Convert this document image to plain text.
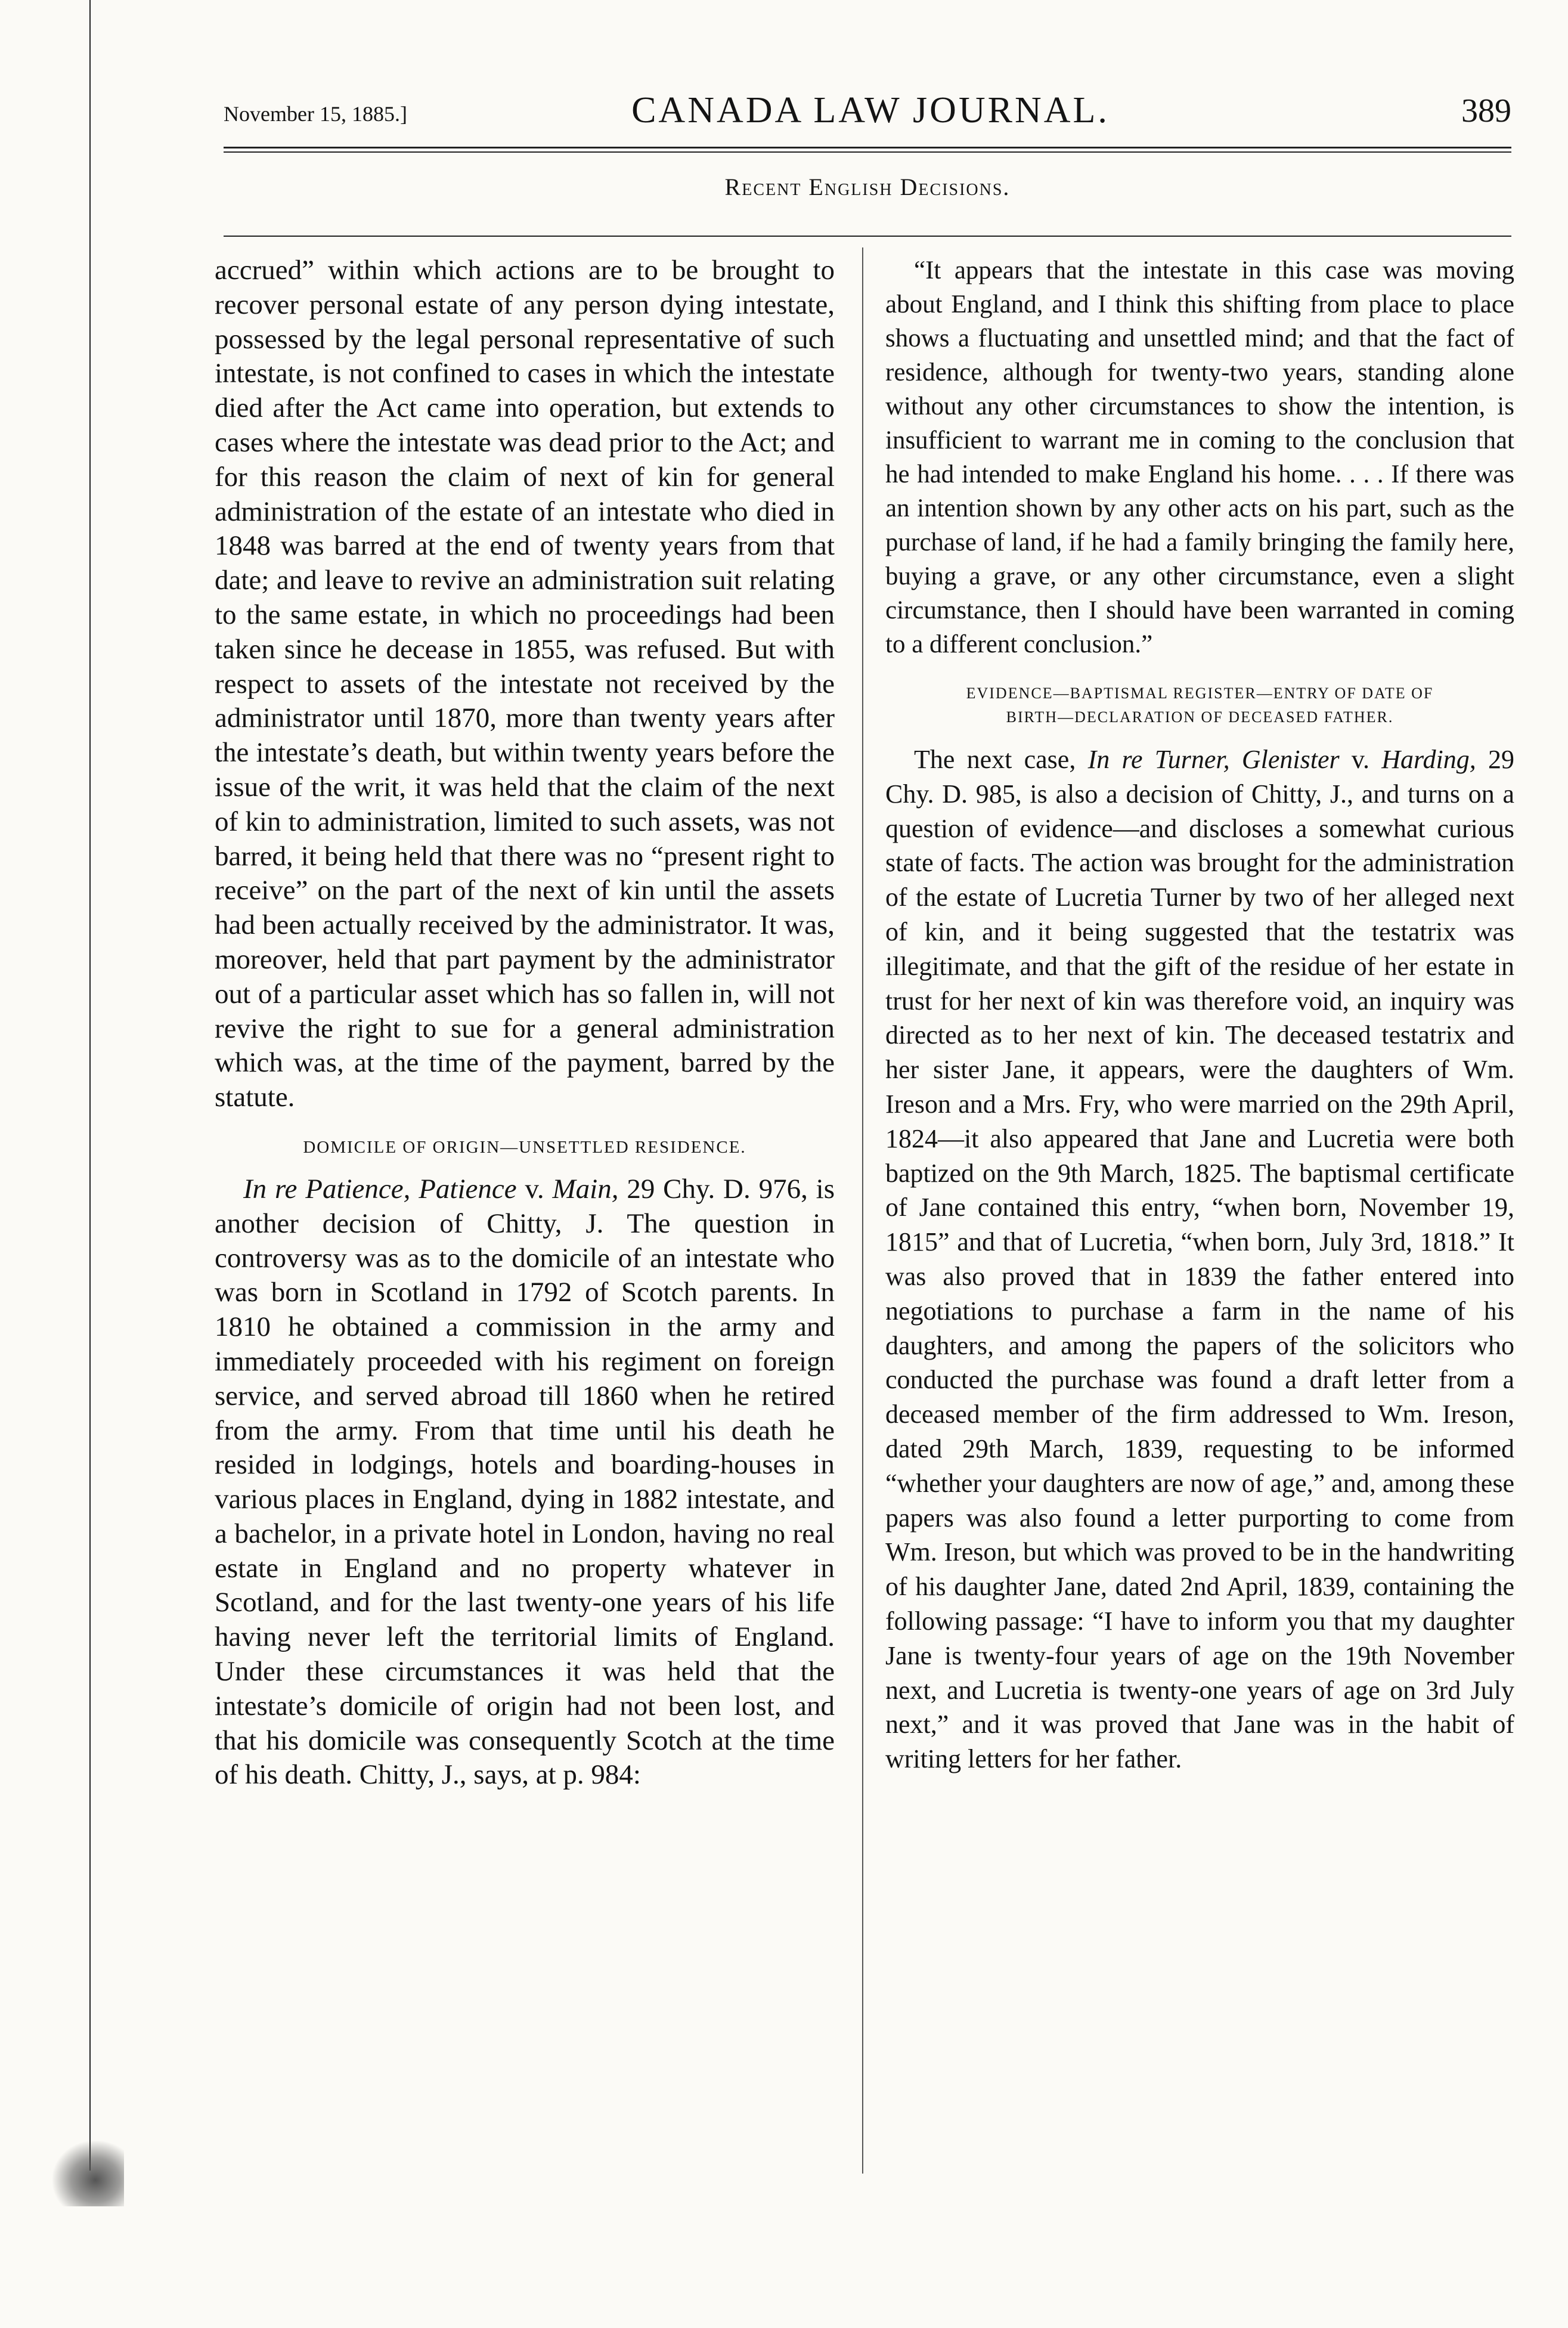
November 15, 1885.]	CANADA LAW JOURNAL.	389
Recent English Decisions.

accrued” within which actions are to be brought to recover personal estate of any person dying intestate, possessed by the legal personal representative of such intestate, is not confined to cases in which the intestate died after the Act came into operation, but extends to cases where the intestate was dead prior to the Act; and for this reason the claim of next of kin for general administration of the estate of an intestate who died in 1848 was barred at the end of twenty years from that date; and leave to revive an administration suit relating to the same estate, in which no proceedings had been taken since he decease in 1855, was refused. But with respect to assets of the intestate not received by the administrator until 1870, more than twenty years after the intestate’s death, but within twenty years before the issue of the writ, it was held that the claim of the next of kin to administration, limited to such assets, was not barred, it being held that there was no “present right to receive” on the part of the next of kin until the assets had been actually received by the administrator. It was, moreover, held that part payment by the administrator out of a particular asset which has so fallen in, will not revive the right to sue for a general administration which was, at the time of the payment, barred by the statute.

DOMICILE OF ORIGIN—UNSETTLED RESIDENCE.

In re Patience, Patience v. Main, 29 Chy. D. 976, is another decision of Chitty, J. The question in controversy was as to the domicile of an intestate who was born in Scotland in 1792 of Scotch parents. In 1810 he obtained a commission in the army and immediately proceeded with his regiment on foreign service, and served abroad till 1860 when he retired from the army. From that time until his death he resided in lodgings, hotels and boarding-houses in various places in England, dying in 1882 intestate, and a bachelor, in a private hotel in London, having no real estate in England and no property whatever in Scotland, and for the last twenty-one years of his life having never left the territorial limits of England. Under these circumstances it was held that the intestate’s domicile of origin had not been lost, and that his domicile was consequently Scotch at the time of his death. Chitty, J., says, at p. 984:

“It appears that the intestate in this case was moving about England, and I think this shifting from place to place shows a fluctuating and unsettled mind; and that the fact of residence, although for twenty-two years, standing alone without any other circumstances to show the intention, is insufficient to warrant me in coming to the conclusion that he had intended to make England his home. . . . If there was an intention shown by any other acts on his part, such as the purchase of land, if he had a family bringing the family here, buying a grave, or any other circumstance, even a slight circumstance, then I should have been warranted in coming to a different conclusion.”

EVIDENCE—BAPTISMAL REGISTER—ENTRY OF DATE OF
BIRTH—DECLARATION OF DECEASED FATHER.

The next case, In re Turner, Glenister v. Harding, 29 Chy. D. 985, is also a decision of Chitty, J., and turns on a question of evidence—and discloses a somewhat curious state of facts. The action was brought for the administration of the estate of Lucretia Turner by two of her alleged next of kin, and it being suggested that the testatrix was illegitimate, and that the gift of the residue of her estate in trust for her next of kin was therefore void, an inquiry was directed as to her next of kin. The deceased testatrix and her sister Jane, it appears, were the daughters of Wm. Ireson and a Mrs. Fry, who were married on the 29th April, 1824—it also appeared that Jane and Lucretia were both baptized on the 9th March, 1825. The baptismal certificate of Jane contained this entry, “when born, November 19, 1815” and that of Lucretia, “when born, July 3rd, 1818.” It was also proved that in 1839 the father entered into negotiations to purchase a farm in the name of his daughters, and among the papers of the solicitors who conducted the purchase was found a draft letter from a deceased member of the firm addressed to Wm. Ireson, dated 29th March, 1839, requesting to be informed “whether your daughters are now of age,” and, among these papers was also found a letter purporting to come from Wm. Ireson, but which was proved to be in the handwriting of his daughter Jane, dated 2nd April, 1839, containing the following passage: “I have to inform you that my daughter Jane is twenty-four years of age on the 19th November next, and Lucretia is twenty-one years of age on 3rd July next,” and it was proved that Jane was in the habit of writing letters for her father.
